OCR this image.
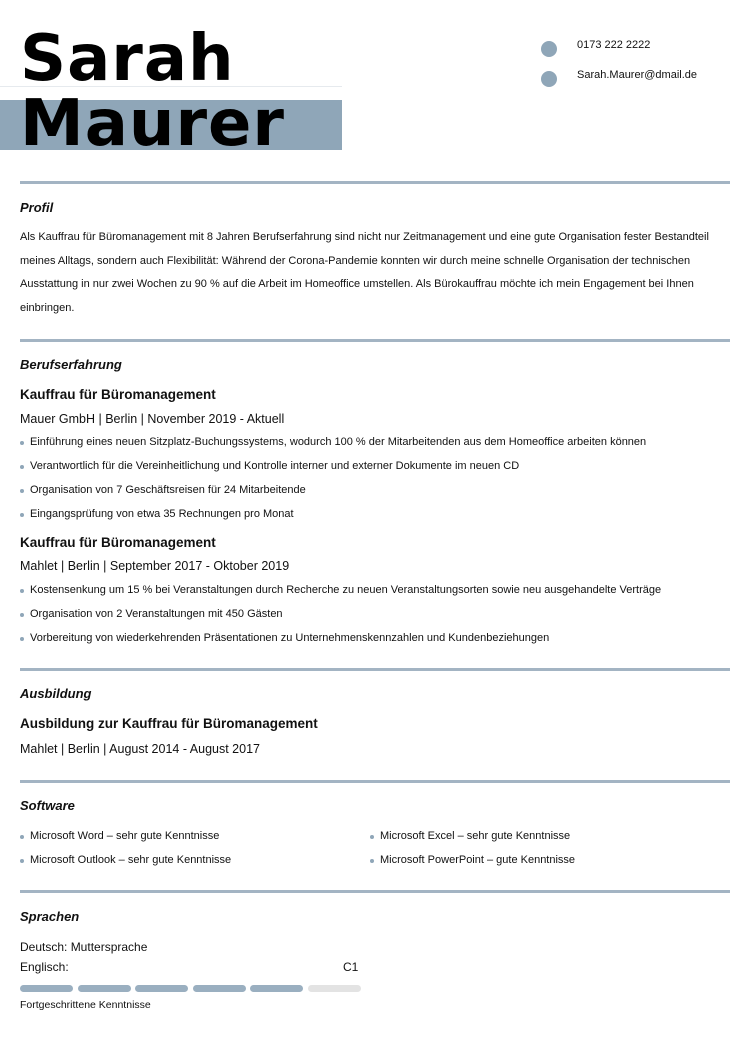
Sarah
Maurer
0173 222 2222
Sarah.Maurer@dmail.de
Profil
Als Kauffrau für Büromanagement mit 8 Jahren Berufserfahrung sind nicht nur Zeitmanagement und eine gute Organisation fester Bestandteil meines Alltags, sondern auch Flexibilität: Während der Corona-Pandemie konnten wir durch meine schnelle Organisation der technischen Ausstattung in nur zwei Wochen zu 90 % auf die Arbeit im Homeoffice umstellen. Als Bürokauffrau möchte ich mein Engagement bei Ihnen einbringen.
Berufserfahrung
Kauffrau für Büromanagement
Mauer GmbH | Berlin | November 2019 - Aktuell
Einführung eines neuen Sitzplatz-Buchungssystems, wodurch 100 % der Mitarbeitenden aus dem Homeoffice arbeiten können
Verantwortlich für die Vereinheitlichung und Kontrolle interner und externer Dokumente im neuen CD
Organisation von 7 Geschäftsreisen für 24 Mitarbeitende
Eingangsprüfung von etwa 35 Rechnungen pro Monat
Kauffrau für Büromanagement
Mahlet | Berlin | September 2017 - Oktober 2019
Kostensenkung um 15 % bei Veranstaltungen durch Recherche zu neuen Veranstaltungsorten sowie neu ausgehandelte Verträge
Organisation von 2 Veranstaltungen mit 450 Gästen
Vorbereitung von wiederkehrenden Präsentationen zu Unternehmenskennzahlen und Kundenbeziehungen
Ausbildung
Ausbildung zur Kauffrau für Büromanagement
Mahlet | Berlin | August 2014 - August 2017
Software
Microsoft Word – sehr gute Kenntnisse	Microsoft Excel – sehr gute Kenntnisse
Microsoft Outlook – sehr gute Kenntnisse	Microsoft PowerPoint – gute Kenntnisse
Sprachen
Deutsch: Muttersprache
Englisch:	C1
Fortgeschrittene Kenntnisse
